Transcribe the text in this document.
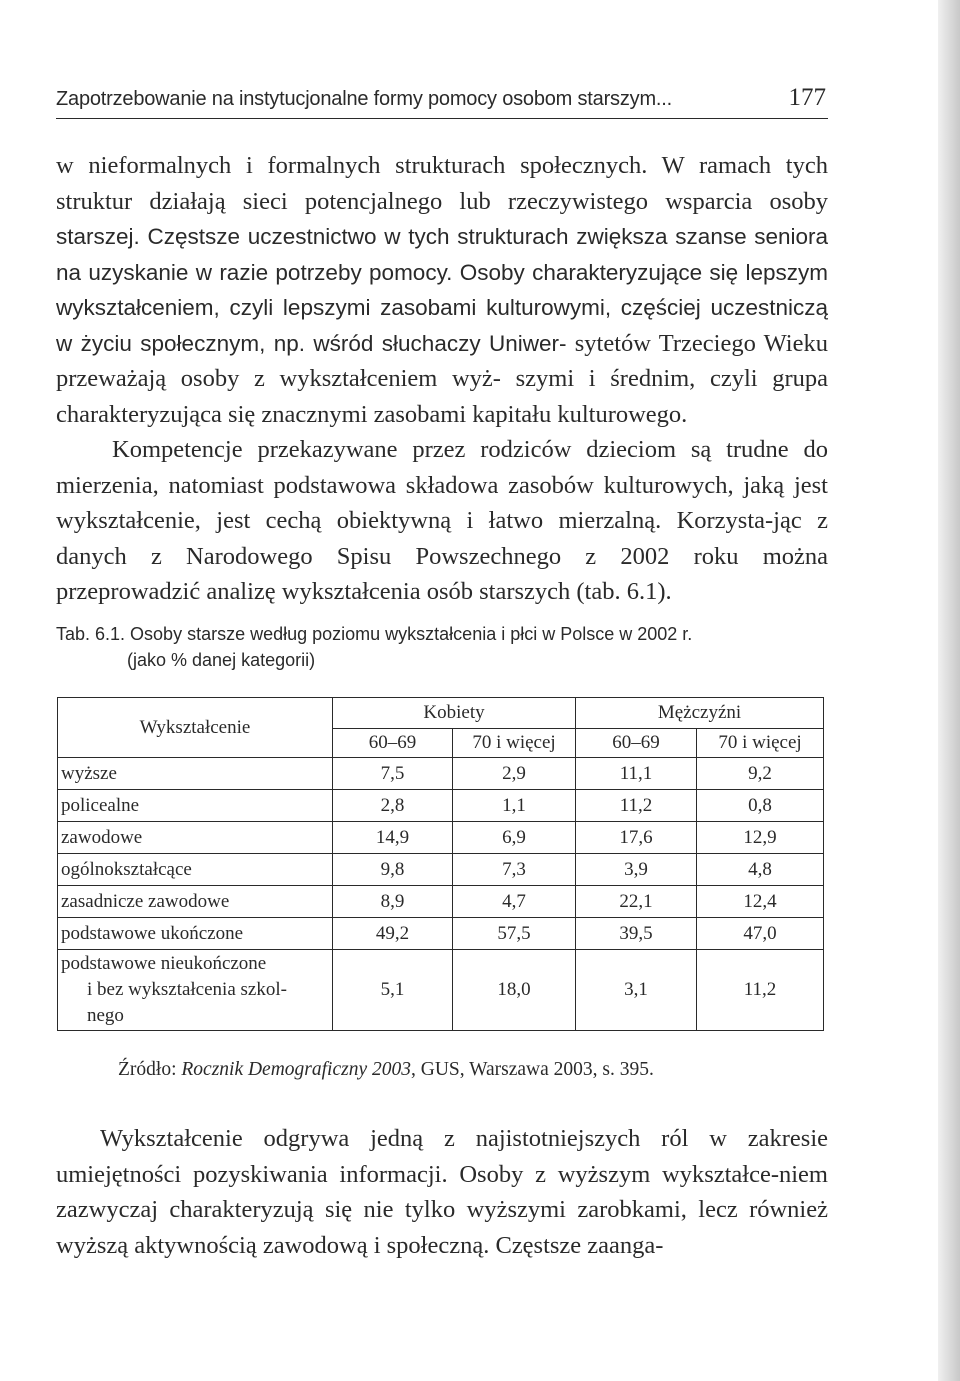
Zapotrzebowanie na instytucjonalne formy pomocy osobom starszym...	177
w nieformalnych i formalnych strukturach społecznych. W ramach tych struktur działają sieci potencjalnego lub rzeczywistego wsparcia osoby starszej. Częstsze uczestnictwo w tych strukturach zwiększa szanse seniora na uzyskanie w razie potrzeby pomocy. Osoby charakteryzujące się lepszym wykształceniem, czyli lepszymi zasobami kulturowymi, częściej uczestniczą w życiu społecznym, np. wśród słuchaczy Uniwer- sytetów Trzeciego Wieku przeważają osoby z wykształceniem wyż- szymi i średnim, czyli grupa charakteryzująca się znacznymi zasobami kapitału kulturowego.

Kompetencje przekazywane przez rodziców dzieciom są trudne do mierzenia, natomiast podstawowa składowa zasobów kulturowych, jaką jest wykształcenie, jest cechą obiektywną i łatwo mierzalną. Korzysta-jąc z danych z Narodowego Spisu Powszechnego z 2002 roku można przeprowadzić analizę wykształcenia osób starszych (tab. 6.1).

Tab. 6.1. Osoby starsze według poziomu wykształcenia i płci w Polsce w 2002 r.
(jako % danej kategorii)
Wykształcenie	Kobiety		Mężczyźni	
	60–69	70 i więcej	60–69	70 i więcej
wyższe	7,5	2,9	11,1	9,2
policealne	2,8	1,1	11,2	0,8
zawodowe	14,9	6,9	17,6	12,9
ogólnokształcące	9,8	7,3	3,9	4,8
zasadnicze zawodowe	8,9	4,7	22,1	12,4
podstawowe ukończone	49,2	57,5	39,5	47,0
podstawowe nieukończone
i bez wykształcenia szkol-
nego	5,1	18,0	3,1	11,2
Źródło: Rocznik Demograficzny 2003, GUS, Warszawa 2003, s. 395.

Wykształcenie odgrywa jedną z najistotniejszych ról w zakresie umiejętności pozyskiwania informacji. Osoby z wyższym wykształce-niem zazwyczaj charakteryzują się nie tylko wyższymi zarobkami, lecz również wyższą aktywnością zawodową i społeczną. Częstsze zaanga-
